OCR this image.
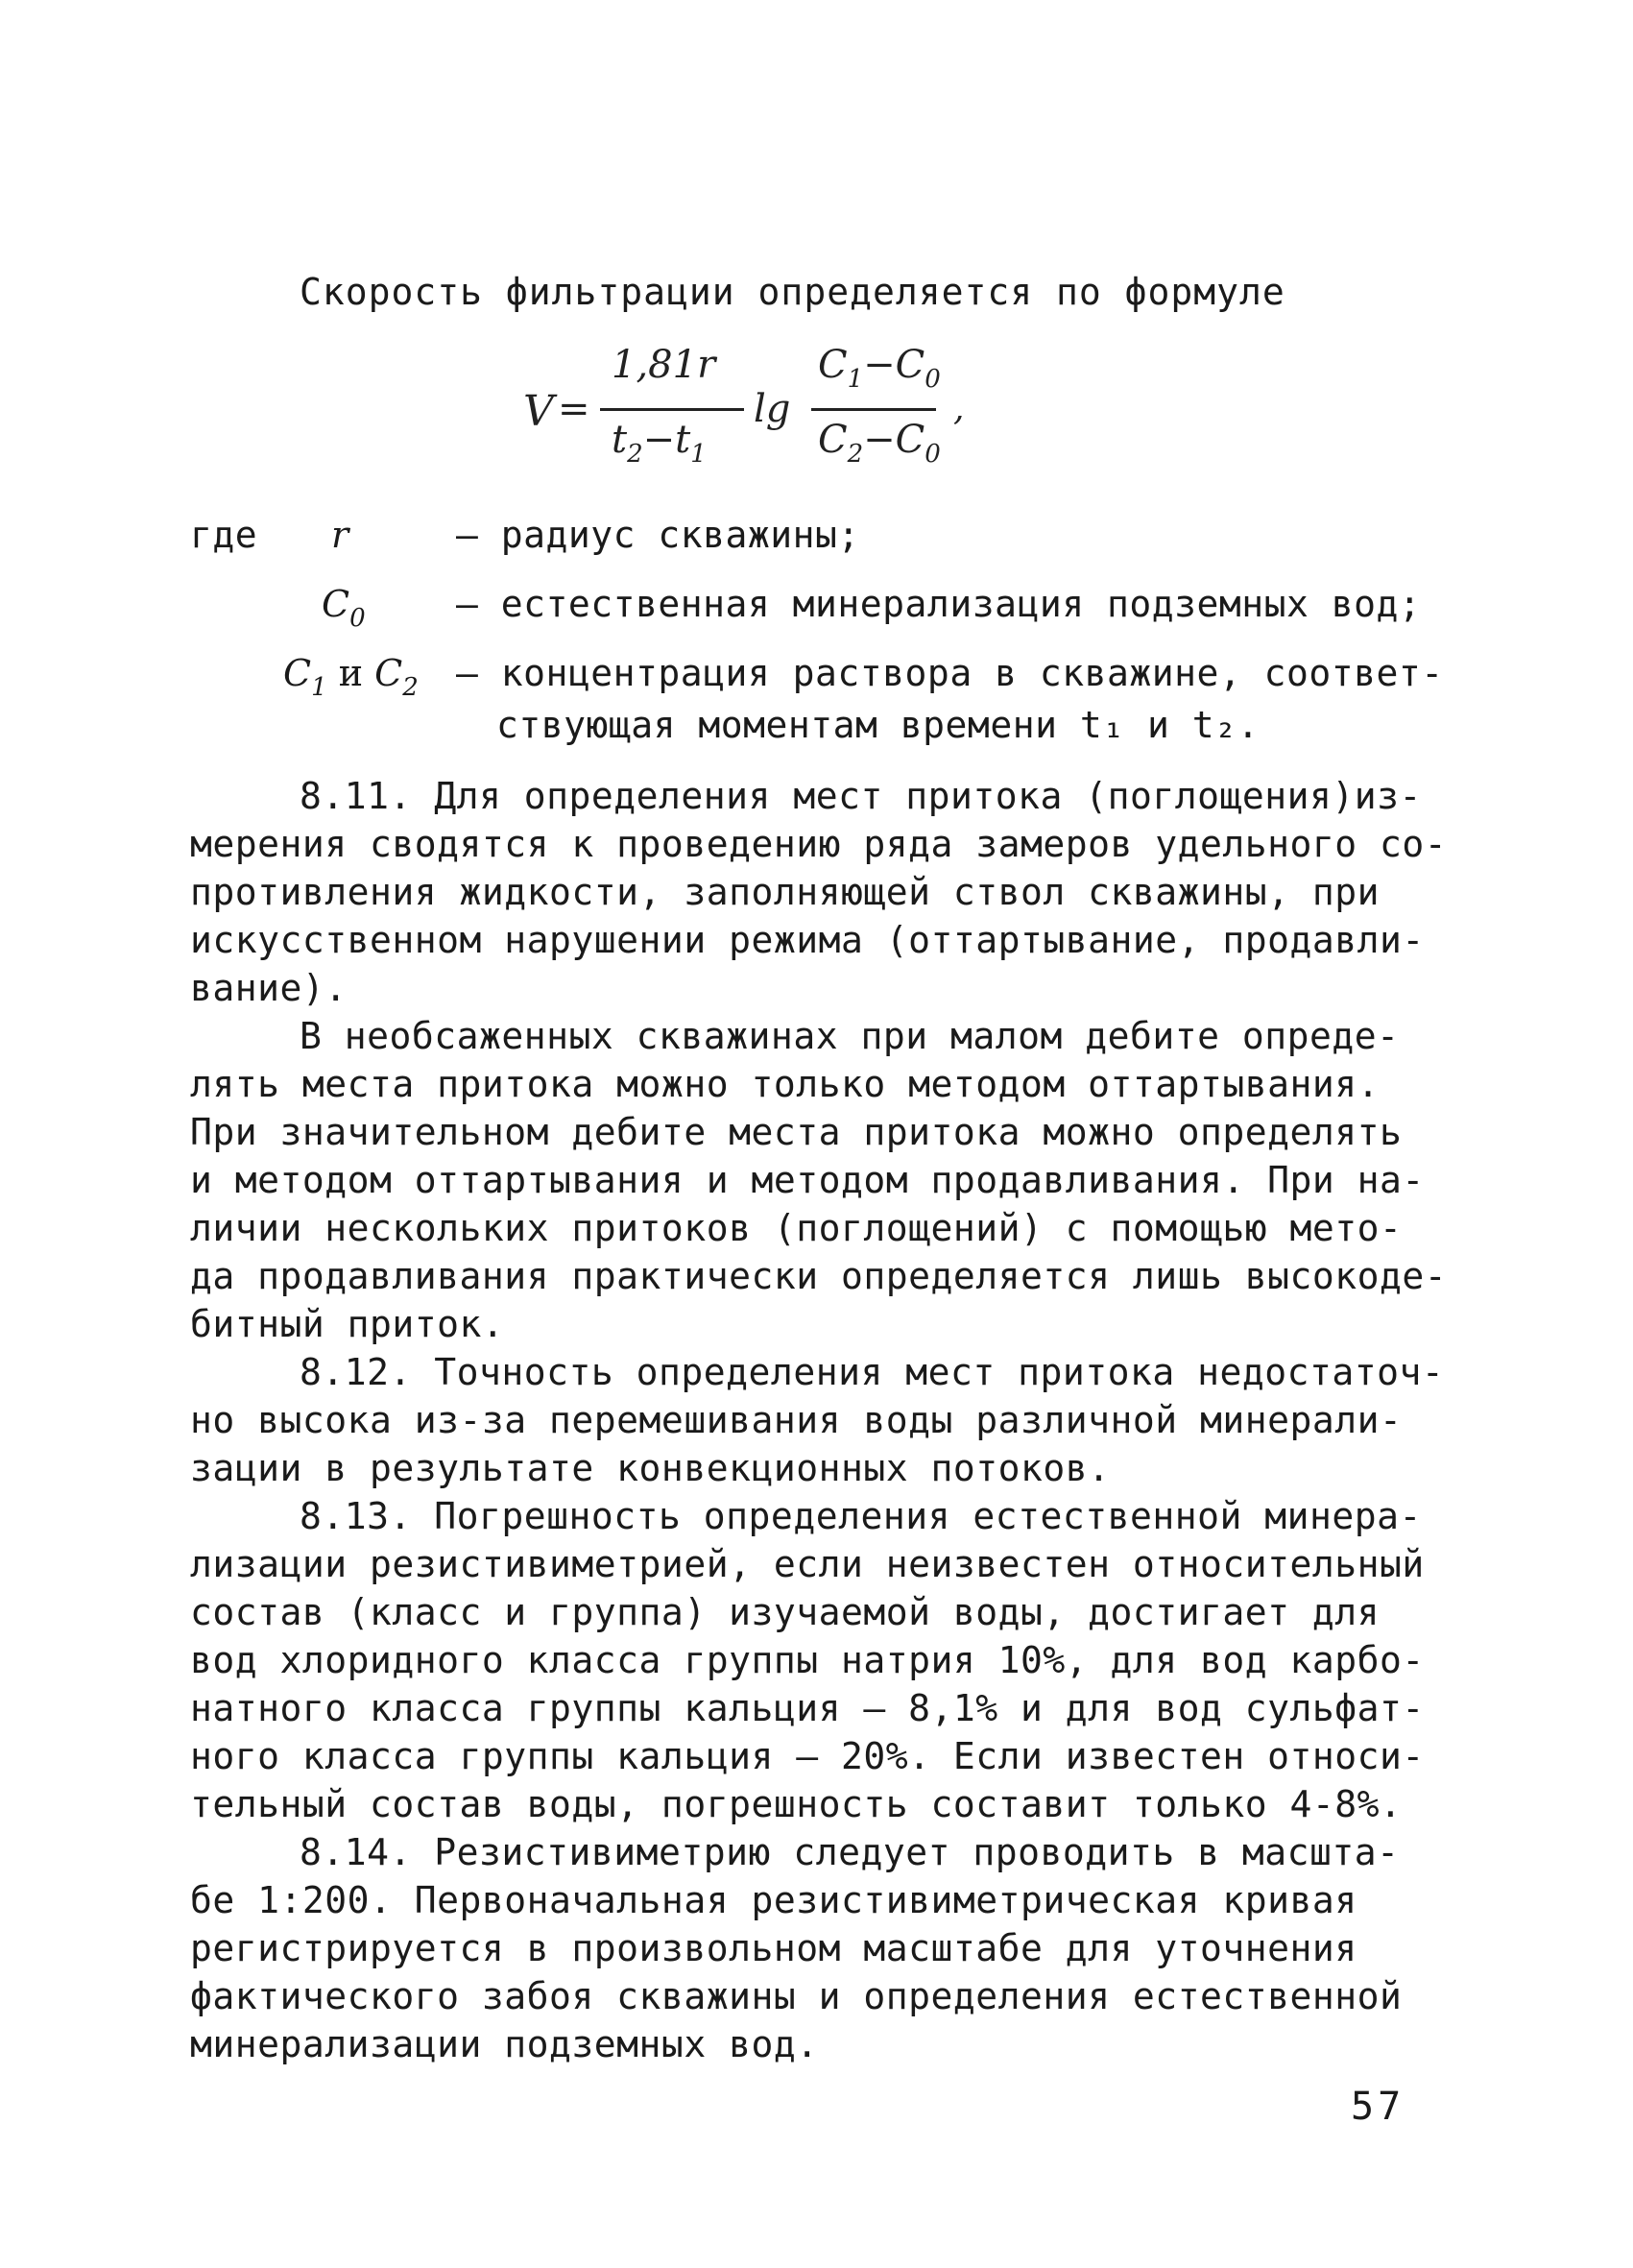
Скорость фильтрации определяется по формуле
V =
1,81r
$t_2-t_1$
lg
$C_1-C_0$
$C_2-C_0$
,
где r	– радиус скважины;
$C_0$ – естественная минерализация подземных вод;
$C_1$ и $C_2$ – концентрация раствора в скважине, соответ-
ствующая моментам времени t₁ и t₂.
8.11. Для определения мест притока (поглощения)из-
мерения сводятся к проведению ряда замеров удельного со-
противления жидкости, заполняющей ствол скважины, при
искусственном нарушении режима (оттартывание, продавли-
вание).
В необсаженных скважинах при малом дебите опреде-
лять места притока можно только методом оттартывания.
При значительном дебите места притока можно определять
и методом оттартывания и методом продавливания. При на-
личии нескольких притоков (поглощений) с помощью мето-
да продавливания практически определяется лишь высокоде-
битный приток.
8.12. Точность определения мест притока недостаточ-
но высока из-за перемешивания воды различной минерали-
зации в результате конвекционных потоков.
8.13. Погрешность определения естественной минера-
лизации резистивиметрией, если неизвестен относительный
состав (класс и группа) изучаемой воды, достигает для
вод хлоридного класса группы натрия 10%, для вод карбо-
натного класса группы кальция – 8,1% и для вод сульфат-
ного класса группы кальция – 20%. Если известен относи-
тельный состав воды, погрешность составит только 4-8%.
8.14. Резистивиметрию следует проводить в масшта-
бе 1:200. Первоначальная резистивиметрическая кривая
регистрируется в произвольном масштабе для уточнения
фактического забоя скважины и определения естественной
минерализации подземных вод.
57
